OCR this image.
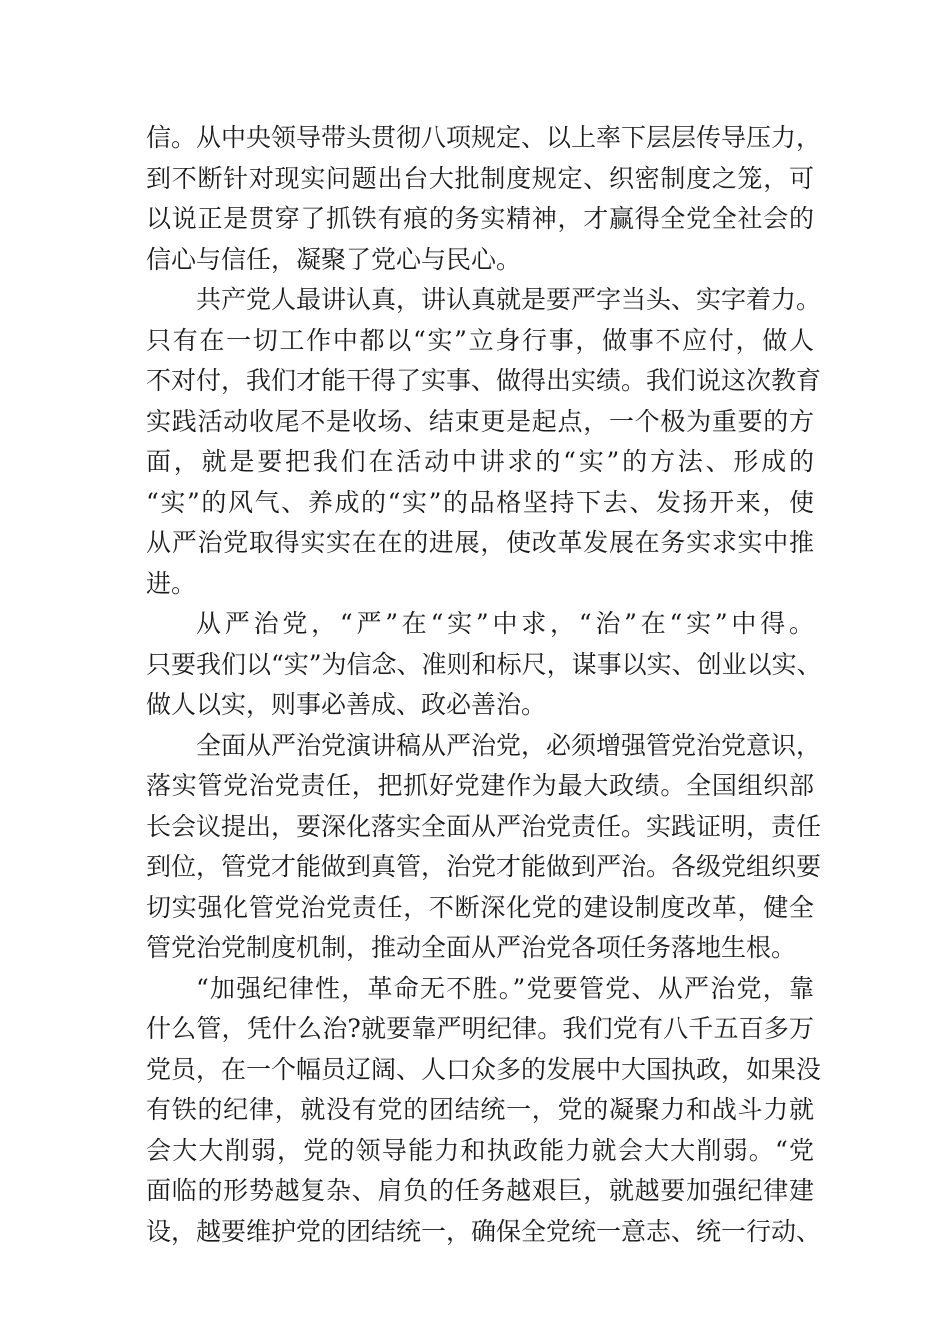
信。从中央领导带头贯彻八项规定、以上率下层层传导压力，
到不断针对现实问题出台大批制度规定、织密制度之笼，可
以说正是贯穿了抓铁有痕的务实精神，才赢得全党全社会的
信心与信任，凝聚了党心与民心。
共产党人最讲认真，讲认真就是要严字当头、实字着力。
只有在一切工作中都以“实”立身行事，做事不应付，做人
不对付，我们才能干得了实事、做得出实绩。我们说这次教育
实践活动收尾不是收场、结束更是起点，一个极为重要的方
面，就是要把我们在活动中讲求的“实”的方法、形成的
“实”的风气、养成的“实”的品格坚持下去、发扬开来，使
从严治党取得实实在在的进展，使改革发展在务实求实中推
进。
从严治党，“严”在“实”中求，“治”在“实”中得。
只要我们以“实”为信念、准则和标尺，谋事以实、创业以实、
做人以实，则事必善成、政必善治。
全面从严治党演讲稿从严治党，必须增强管党治党意识，
落实管党治党责任，把抓好党建作为最大政绩。全国组织部
长会议提出，要深化落实全面从严治党责任。实践证明，责任
到位，管党才能做到真管，治党才能做到严治。各级党组织要
切实强化管党治党责任，不断深化党的建设制度改革，健全
管党治党制度机制，推动全面从严治党各项任务落地生根。
“加强纪律性，革命无不胜。”党要管党、从严治党，靠
什么管，凭什么治?就要靠严明纪律。我们党有八千五百多万
党员，在一个幅员辽阔、人口众多的发展中大国执政，如果没
有铁的纪律，就没有党的团结统一，党的凝聚力和战斗力就
会大大削弱，党的领导能力和执政能力就会大大削弱。“党
面临的形势越复杂、肩负的任务越艰巨，就越要加强纪律建
设，越要维护党的团结统一，确保全党统一意志、统一行动、
